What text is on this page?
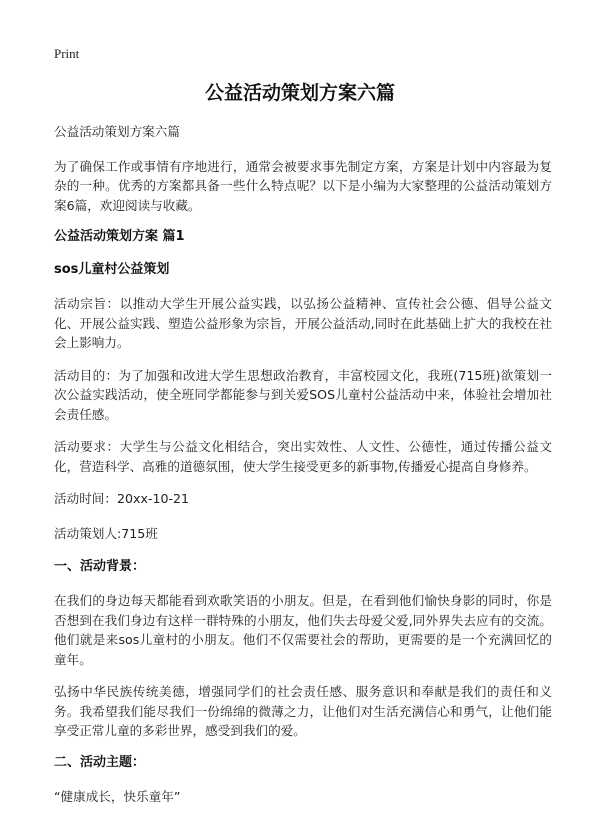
Print
公益活动策划方案六篇

公益活动策划方案六篇

为了确保工作或事情有序地进行，通常会被要求事先制定方案，方案是计划中内容最为复杂的一种。优秀的方案都具备一些什么特点呢？以下是小编为大家整理的公益活动策划方案6篇，欢迎阅读与收藏。

公益活动策划方案 篇1
sos儿童村公益策划

活动宗旨：以推动大学生开展公益实践，以弘扬公益精神、宣传社会公德、倡导公益文化、开展公益实践、塑造公益形象为宗旨，开展公益活动,同时在此基础上扩大的我校在社会上影响力。

活动目的：为了加强和改进大学生思想政治教育，丰富校园文化，我班(715班)欲策划一次公益实践活动，使全班同学都能参与到关爱SOS儿童村公益活动中来，体验社会增加社会责任感。

活动要求：大学生与公益文化相结合，突出实效性、人文性、公德性，通过传播公益文化，营造科学、高雅的道德氛围，使大学生接受更多的新事物,传播爱心提高自身修养。

活动时间：20xx-10-21

活动策划人:715班

一、活动背景：

在我们的身边每天都能看到欢歌笑语的小朋友。但是，在看到他们愉快身影的同时，你是否想到在我们身边有这样一群特殊的小朋友，他们失去母爱父爱,同外界失去应有的交流。他们就是来sos儿童村的小朋友。他们不仅需要社会的帮助，更需要的是一个充满回忆的童年。

弘扬中华民族传统美德，增强同学们的社会责任感、服务意识和奉献是我们的责任和义务。我希望我们能尽我们一份绵绵的微薄之力，让他们对生活充满信心和勇气，让他们能享受正常儿童的多彩世界，感受到我们的爱。

二、活动主题：

“健康成长，快乐童年”
